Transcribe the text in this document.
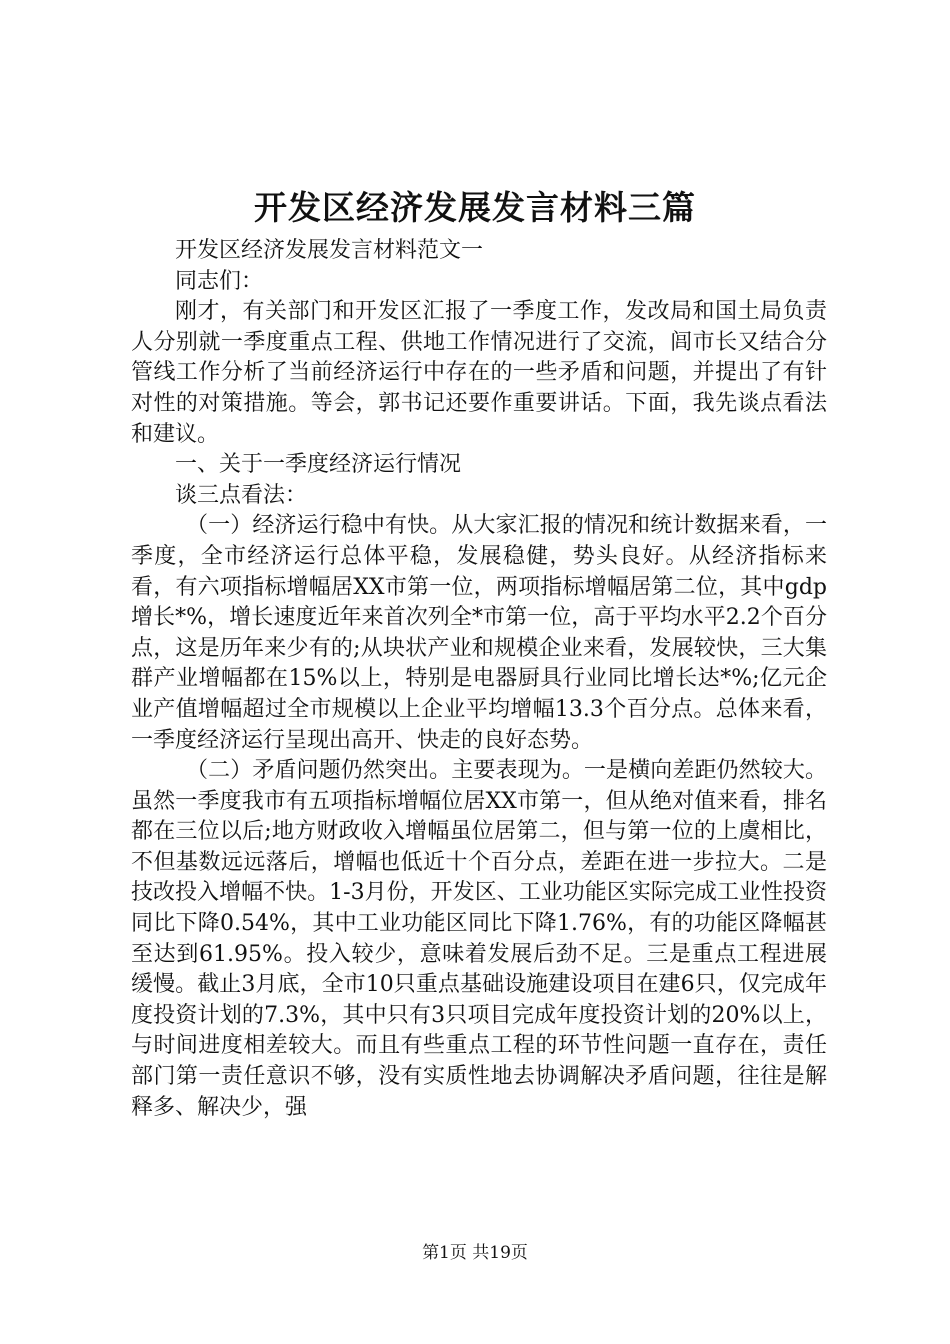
开发区经济发展发言材料三篇

开发区经济发展发言材料范文一

同志们：

刚才，有关部门和开发区汇报了一季度工作，发改局和国土局负责人分别就一季度重点工程、供地工作情况进行了交流，闾市长又结合分管线工作分析了当前经济运行中存在的一些矛盾和问题，并提出了有针对性的对策措施。等会，郭书记还要作重要讲话。下面，我先谈点看法和建议。

一、关于一季度经济运行情况

谈三点看法：

（一）经济运行稳中有快。从大家汇报的情况和统计数据来看，一季度，全市经济运行总体平稳，发展稳健，势头良好。从经济指标来看，有六项指标增幅居XX市第一位，两项指标增幅居第二位，其中gdp增长*%，增长速度近年来首次列全*市第一位，高于平均水平2.2个百分点，这是历年来少有的;从块状产业和规模企业来看，发展较快，三大集群产业增幅都在15%以上，特别是电器厨具行业同比增长达*%;亿元企业产值增幅超过全市规模以上企业平均增幅13.3个百分点。总体来看，一季度经济运行呈现出高开、快走的良好态势。

（二）矛盾问题仍然突出。主要表现为。一是横向差距仍然较大。虽然一季度我市有五项指标增幅位居XX市第一，但从绝对值来看，排名都在三位以后;地方财政收入增幅虽位居第二，但与第一位的上虞相比，不但基数远远落后，增幅也低近十个百分点，差距在进一步拉大。二是技改投入增幅不快。1-3月份，开发区、工业功能区实际完成工业性投资同比下降0.54%，其中工业功能区同比下降1.76%，有的功能区降幅甚至达到61.95%。投入较少，意味着发展后劲不足。三是重点工程进展缓慢。截止3月底，全市10只重点基础设施建设项目在建6只，仅完成年度投资计划的7.3%，其中只有3只项目完成年度投资计划的20%以上，与时间进度相差较大。而且有些重点工程的环节性问题一直存在，责任部门第一责任意识不够，没有实质性地去协调解决矛盾问题，往往是解释多、解决少，强

第1页 共19页
